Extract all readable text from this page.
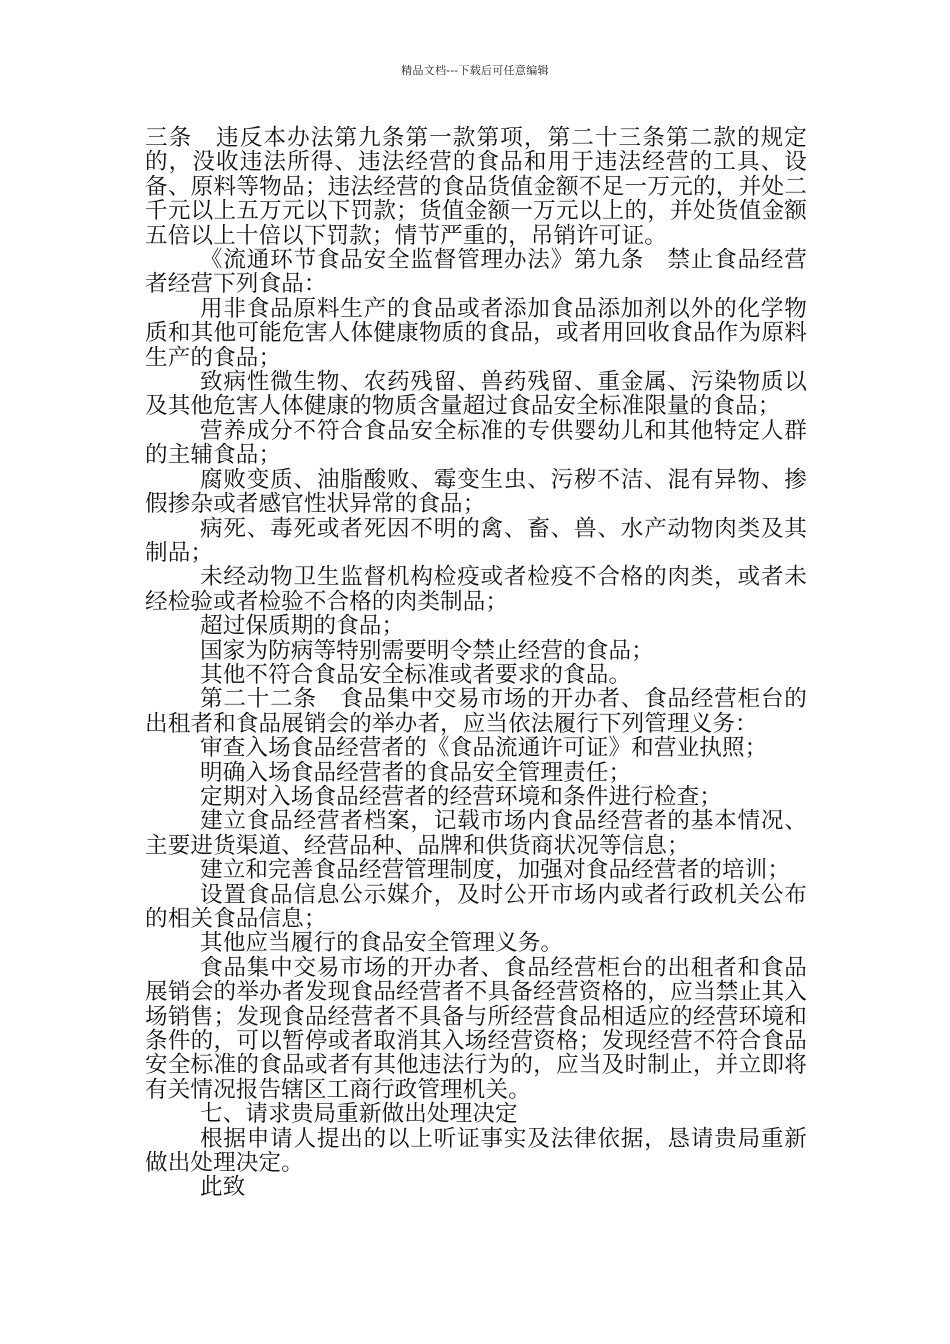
精品文档---下载后可任意编辑

三条　违反本办法第九条第一款第项，第二十三条第二款的规定的，没收违法所得、违法经营的食品和用于违法经营的工具、设备、原料等物品；违法经营的食品货值金额不足一万元的，并处二千元以上五万元以下罚款；货值金额一万元以上的，并处货值金额五倍以上十倍以下罚款；情节严重的，吊销许可证。

《流通环节食品安全监督管理办法》第九条　禁止食品经营者经营下列食品：

用非食品原料生产的食品或者添加食品添加剂以外的化学物质和其他可能危害人体健康物质的食品，或者用回收食品作为原料生产的食品；

致病性微生物、农药残留、兽药残留、重金属、污染物质以及其他危害人体健康的物质含量超过食品安全标准限量的食品；

营养成分不符合食品安全标准的专供婴幼儿和其他特定人群的主辅食品；

腐败变质、油脂酸败、霉变生虫、污秽不洁、混有异物、掺假掺杂或者感官性状异常的食品；

病死、毒死或者死因不明的禽、畜、兽、水产动物肉类及其制品；

未经动物卫生监督机构检疫或者检疫不合格的肉类，或者未经检验或者检验不合格的肉类制品；

超过保质期的食品；

国家为防病等特别需要明令禁止经营的食品；

其他不符合食品安全标准或者要求的食品。

第二十二条　食品集中交易市场的开办者、食品经营柜台的出租者和食品展销会的举办者，应当依法履行下列管理义务：

审查入场食品经营者的《食品流通许可证》和营业执照；

明确入场食品经营者的食品安全管理责任；

定期对入场食品经营者的经营环境和条件进行检查；

建立食品经营者档案，记载市场内食品经营者的基本情况、主要进货渠道、经营品种、品牌和供货商状况等信息；

建立和完善食品经营管理制度，加强对食品经营者的培训；

设置食品信息公示媒介，及时公开市场内或者行政机关公布的相关食品信息；

其他应当履行的食品安全管理义务。

食品集中交易市场的开办者、食品经营柜台的出租者和食品展销会的举办者发现食品经营者不具备经营资格的，应当禁止其入场销售；发现食品经营者不具备与所经营食品相适应的经营环境和条件的，可以暂停或者取消其入场经营资格；发现经营不符合食品安全标准的食品或者有其他违法行为的，应当及时制止，并立即将有关情况报告辖区工商行政管理机关。

七、请求贵局重新做出处理决定

根据申请人提出的以上听证事实及法律依据，恳请贵局重新做出处理决定。

此致
